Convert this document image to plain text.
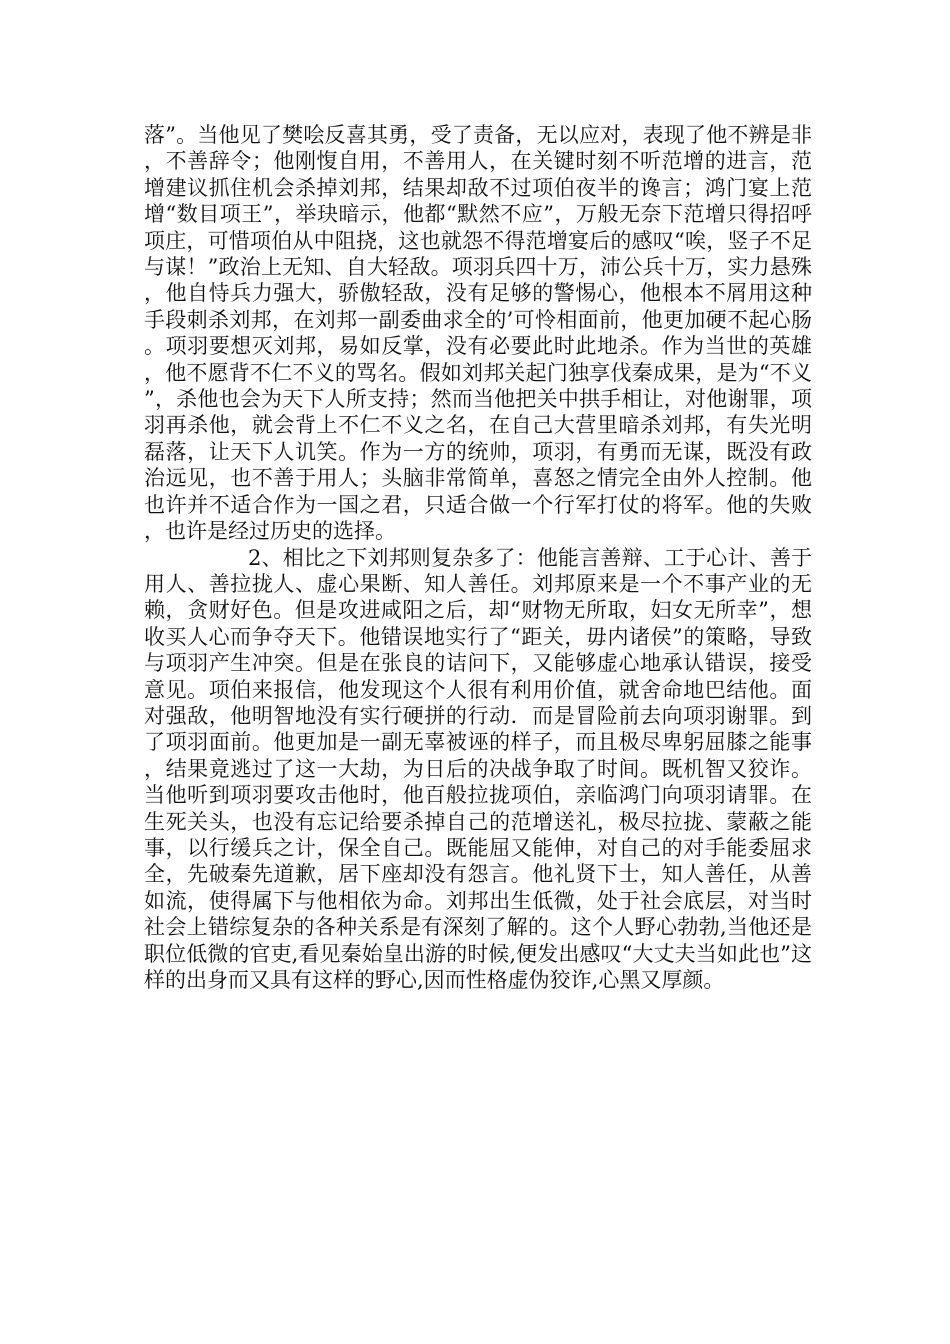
落”。当他见了樊哙反喜其勇，受了责备，无以应对，表现了他不辨是非，不善辞令；他刚愎自用，不善用人，在关键时刻不听范增的进言，范增建议抓住机会杀掉刘邦，结果却敌不过项伯夜半的谗言；鸿门宴上范增“数目项王”，举玦暗示，他都“默然不应”，万般无奈下范增只得招呼项庄，可惜项伯从中阻挠，这也就怨不得范增宴后的感叹“唉，竖子不足与谋！”政治上无知、自大轻敌。项羽兵四十万，沛公兵十万，实力悬殊，他自恃兵力强大，骄傲轻敌，没有足够的警惕心，他根本不屑用这种手段刺杀刘邦，在刘邦一副委曲求全的’可怜相面前，他更加硬不起心肠。项羽要想灭刘邦，易如反掌，没有必要此时此地杀。作为当世的英雄，他不愿背不仁不义的骂名。假如刘邦关起门独享伐秦成果，是为“不义”，杀他也会为天下人所支持；然而当他把关中拱手相让，对他谢罪，项羽再杀他，就会背上不仁不义之名，在自己大营里暗杀刘邦，有失光明磊落，让天下人讥笑。作为一方的统帅，项羽，有勇而无谋，既没有政治远见，也不善于用人；头脑非常简单，喜怒之情完全由外人控制。他也许并不适合作为一国之君，只适合做一个行军打仗的将军。他的失败，也许是经过历史的选择。

2、相比之下刘邦则复杂多了：他能言善辩、工于心计、善于用人、善拉拢人、虚心果断、知人善任。刘邦原来是一个不事产业的无赖，贪财好色。但是攻进咸阳之后，却“财物无所取，妇女无所幸”，想收买人心而争夺天下。他错误地实行了“距关，毋内诸侯”的策略，导致与项羽产生冲突。但是在张良的诘问下，又能够虚心地承认错误，接受意见。项伯来报信，他发现这个人很有利用价值，就舍命地巴结他。面对强敌，他明智地没有实行硬拼的行动．而是冒险前去向项羽谢罪。到了项羽面前。他更加是一副无辜被诬的样子，而且极尽卑躬屈膝之能事，结果竟逃过了这一大劫，为日后的决战争取了时间。既机智又狡诈。当他听到项羽要攻击他时，他百般拉拢项伯，亲临鸿门向项羽请罪。在生死关头，也没有忘记给要杀掉自己的范增送礼，极尽拉拢、蒙蔽之能事，以行缓兵之计，保全自己。既能屈又能伸，对自己的对手能委屈求全，先破秦先道歉，居下座却没有怨言。他礼贤下士，知人善任，从善如流，使得属下与他相依为命。刘邦出生低微，处于社会底层，对当时社会上错综复杂的各种关系是有深刻了解的。这个人野心勃勃,当他还是职位低微的官吏,看见秦始皇出游的时候,便发出感叹“大丈夫当如此也”这样的出身而又具有这样的野心,因而性格虚伪狡诈,心黑又厚颜。
